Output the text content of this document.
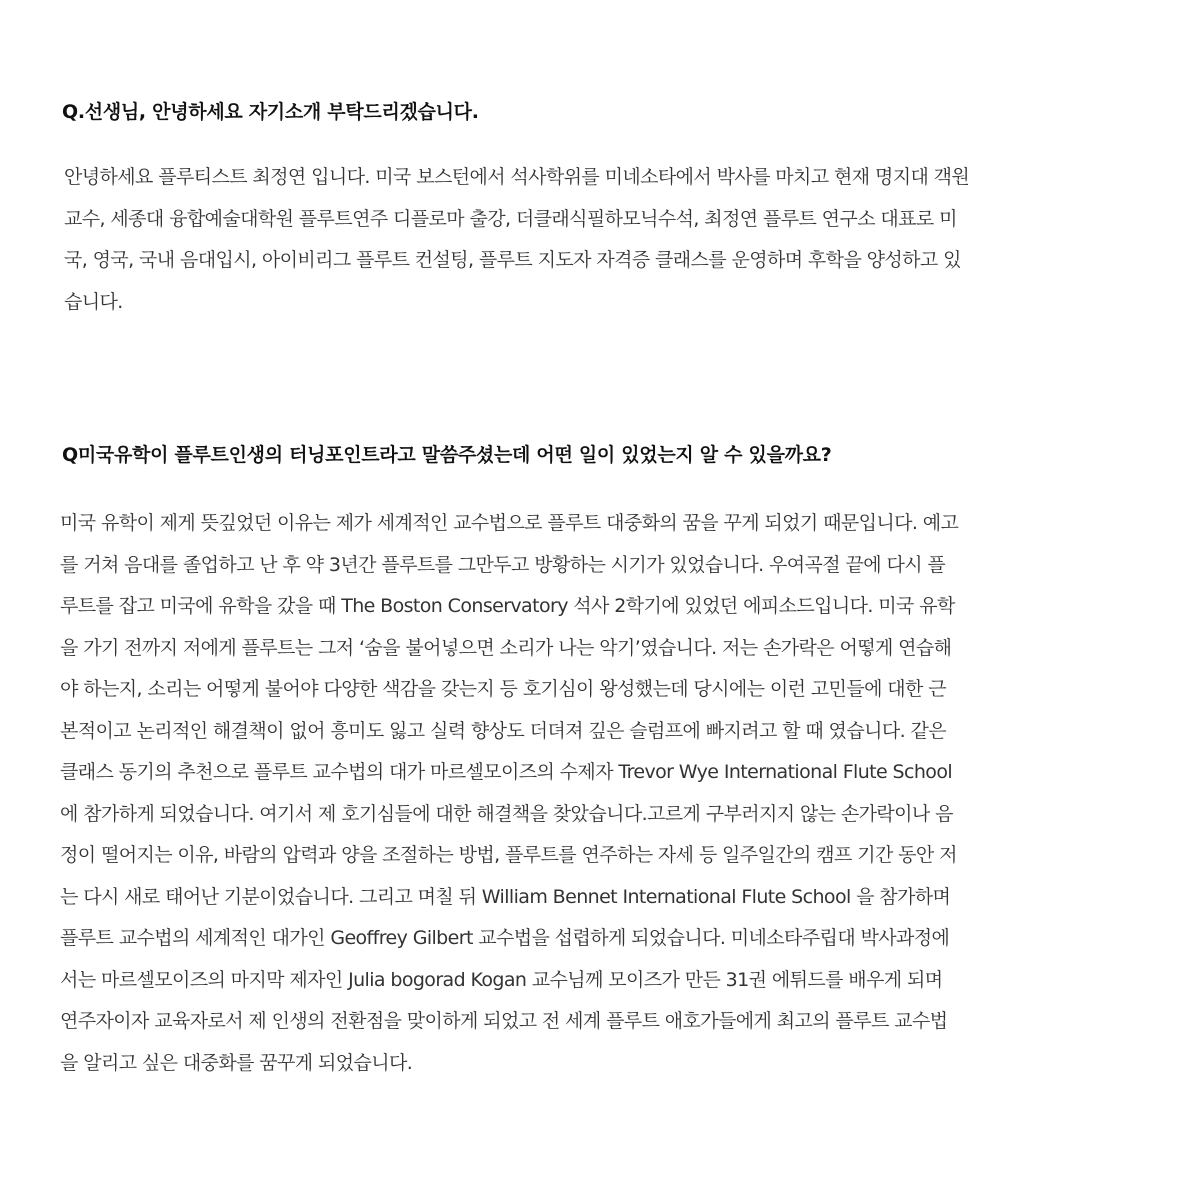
Q.선생님, 안녕하세요 자기소개 부탁드리겠습니다.
안녕하세요 플루티스트 최정연 입니다. 미국 보스턴에서 석사학위를 미네소타에서 박사를 마치고 현재 명지대 객원
교수, 세종대 융합예술대학원 플루트연주 디플로마 출강, 더클래식필하모닉수석, 최정연 플루트 연구소 대표로 미
국, 영국, 국내 음대입시, 아이비리그 플루트 컨설팅, 플루트 지도자 자격증 클래스를 운영하며 후학을 양성하고 있
습니다.
Q미국유학이 플루트인생의 터닝포인트라고 말씀주셨는데 어떤 일이 있었는지 알 수 있을까요?
미국 유학이 제게 뜻깊었던 이유는 제가 세계적인 교수법으로 플루트 대중화의 꿈을 꾸게 되었기 때문입니다. 예고
를 거쳐 음대를 졸업하고 난 후 약 3년간 플루트를 그만두고 방황하는 시기가 있었습니다. 우여곡절 끝에 다시 플
루트를 잡고 미국에 유학을 갔을 때 The Boston Conservatory 석사 2학기에 있었던 에피소드입니다. 미국 유학
을 가기 전까지 저에게 플루트는 그저 ‘숨을 불어넣으면 소리가 나는 악기’였습니다. 저는 손가락은 어떻게 연습해
야 하는지, 소리는 어떻게 불어야 다양한 색감을 갖는지 등 호기심이 왕성했는데 당시에는 이런 고민들에 대한 근
본적이고 논리적인 해결책이 없어 흥미도 잃고 실력 향상도 더뎌져 깊은 슬럼프에 빠지려고 할 때 였습니다. 같은
클래스 동기의 추천으로 플루트 교수법의 대가 마르셀모이즈의 수제자 Trevor Wye International Flute School
에 참가하게 되었습니다. 여기서 제 호기심들에 대한 해결책을 찾았습니다.고르게 구부러지지 않는 손가락이나 음
정이 떨어지는 이유, 바람의 압력과 양을 조절하는 방법, 플루트를 연주하는 자세 등 일주일간의 캠프 기간 동안 저
는 다시 새로 태어난 기분이었습니다. 그리고 며칠 뒤 William Bennet International Flute School 을 참가하며
플루트 교수법의 세계적인 대가인 Geoffrey Gilbert 교수법을 섭렵하게 되었습니다. 미네소타주립대 박사과정에
서는 마르셀모이즈의 마지막 제자인 Julia bogorad Kogan 교수님께 모이즈가 만든 31권 에튀드를 배우게 되며
연주자이자 교육자로서 제 인생의 전환점을 맞이하게 되었고 전 세계 플루트 애호가들에게 최고의 플루트 교수법
을 알리고 싶은 대중화를 꿈꾸게 되었습니다.
